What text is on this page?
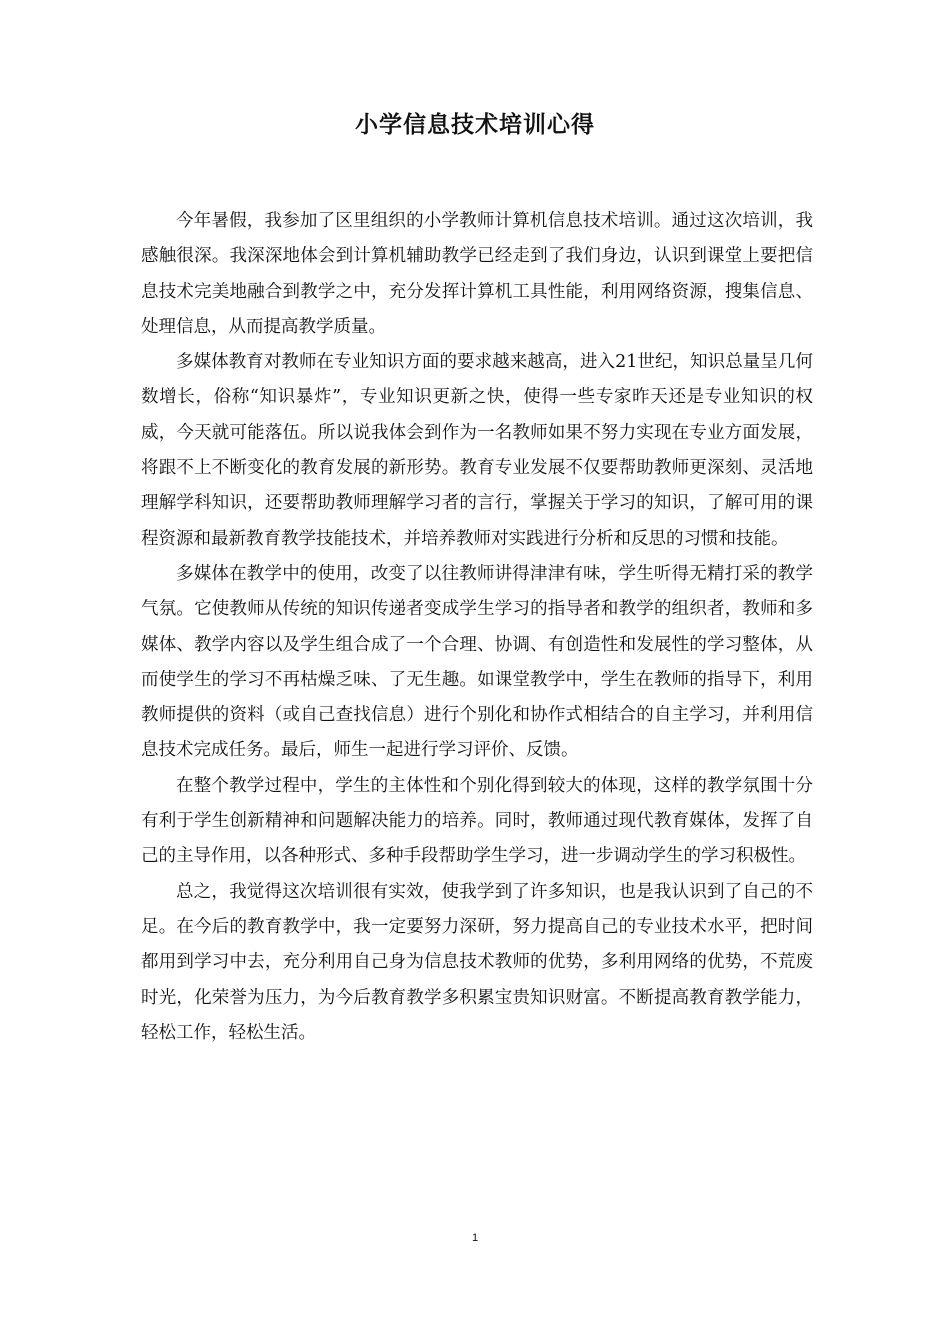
小学信息技术培训心得

今年暑假，我参加了区里组织的小学教师计算机信息技术培训。通过这次培训，我感触很深。我深深地体会到计算机辅助教学已经走到了我们身边，认识到课堂上要把信息技术完美地融合到教学之中，充分发挥计算机工具性能，利用网络资源，搜集信息、处理信息，从而提高教学质量。

多媒体教育对教师在专业知识方面的要求越来越高，进入21世纪，知识总量呈几何数增长，俗称“知识暴炸”，专业知识更新之快，使得一些专家昨天还是专业知识的权威，今天就可能落伍。所以说我体会到作为一名教师如果不努力实现在专业方面发展，将跟不上不断变化的教育发展的新形势。教育专业发展不仅要帮助教师更深刻、灵活地理解学科知识，还要帮助教师理解学习者的言行，掌握关于学习的知识，了解可用的课程资源和最新教育教学技能技术，并培养教师对实践进行分析和反思的习惯和技能。

多媒体在教学中的使用，改变了以往教师讲得津津有味，学生听得无精打采的教学气氛。它使教师从传统的知识传递者变成学生学习的指导者和教学的组织者，教师和多媒体、教学内容以及学生组合成了一个合理、协调、有创造性和发展性的学习整体，从而使学生的学习不再枯燥乏味、了无生趣。如课堂教学中，学生在教师的指导下，利用教师提供的资料（或自己查找信息）进行个别化和协作式相结合的自主学习，并利用信息技术完成任务。最后，师生一起进行学习评价、反馈。

在整个教学过程中，学生的主体性和个别化得到较大的体现，这样的教学氛围十分有利于学生创新精神和问题解决能力的培养。同时，教师通过现代教育媒体，发挥了自己的主导作用，以各种形式、多种手段帮助学生学习，进一步调动学生的学习积极性。

总之，我觉得这次培训很有实效，使我学到了许多知识，也是我认识到了自己的不足。在今后的教育教学中，我一定要努力深研，努力提高自己的专业技术水平，把时间都用到学习中去，充分利用自己身为信息技术教师的优势，多利用网络的优势，不荒废时光，化荣誉为压力，为今后教育教学多积累宝贵知识财富。不断提高教育教学能力，轻松工作，轻松生活。

1
